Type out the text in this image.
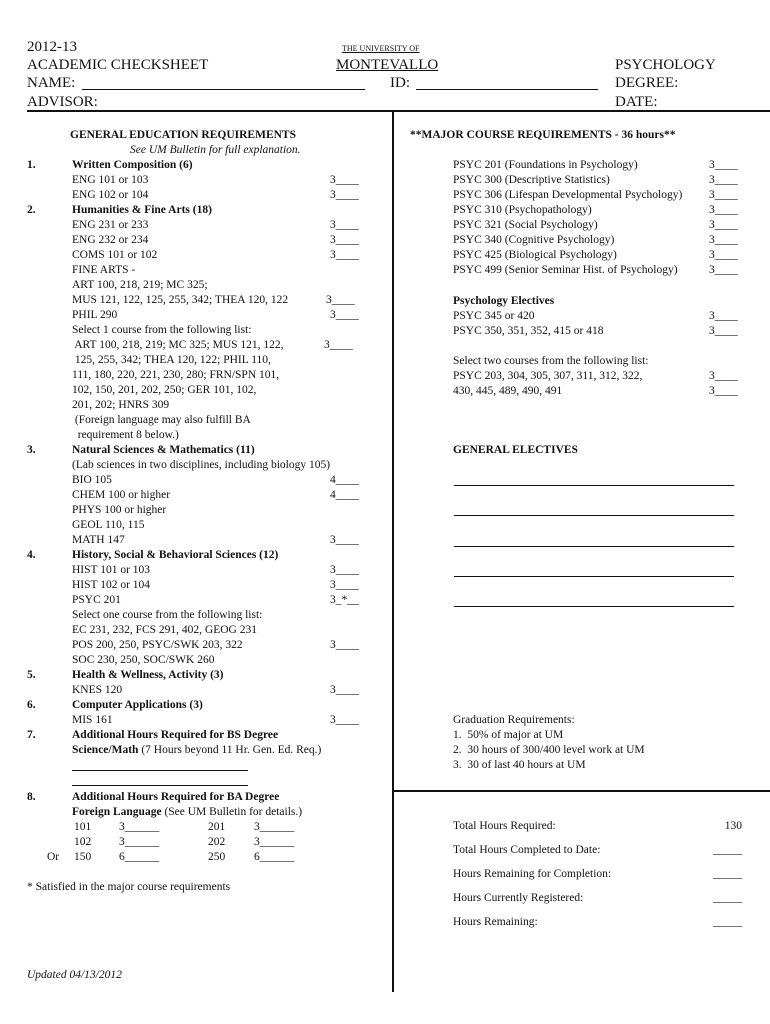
2012-13
ACADEMIC CHECKSHEET
THE UNIVERSITY OF
MONTEVALLO	PSYCHOLOGY
NAME:	ID:	DEGREE:
ADVISOR:	DATE:
GENERAL EDUCATION REQUIREMENTS
See UM Bulletin for full explanation.
1.	Written Composition (6)
ENG 101 or 103	3____
ENG 102 or 104	3____
2.	Humanities & Fine Arts (18)
ENG 231 or 233	3____
ENG 232 or 234	3____
COMS 101 or 102	3____
FINE ARTS -
ART 100, 218, 219; MC 325;
MUS 121, 122, 125, 255, 342; THEA 120, 122	3____
PHIL 290	3____
Select 1 course from the following list:
ART 100, 218, 219; MC 325; MUS 121, 122,	3____
125, 255, 342; THEA 120, 122; PHIL 110,
111, 180, 220, 221, 230, 280; FRN/SPN 101,
102, 150, 201, 202, 250; GER 101, 102,
201, 202; HNRS 309
(Foreign language may also fulfill BA
requirement 8 below.)
3.	Natural Sciences & Mathematics (11)
(Lab sciences in two disciplines, including biology 105)
BIO 105	4____
CHEM 100 or higher	4____
PHYS 100 or higher
GEOL 110, 115
MATH 147	3____
4.	History, Social & Behavioral Sciences (12)
HIST 101 or 103	3____
HIST 102 or 104	3____
PSYC 201	3_*__
Select one course from the following list:
EC 231, 232, FCS 291, 402, GEOG 231
POS 200, 250, PSYC/SWK 203, 322	3____
SOC 230, 250, SOC/SWK 260
5.	Health & Wellness, Activity (3)
KNES 120	3____
6.	Computer Applications (3)
MIS 161	3____
7.	Additional Hours Required for BS Degree
Science/Math (7 Hours beyond 11 Hr. Gen. Ed. Req.)
8.	Additional Hours Required for BA Degree
Foreign Language (See UM Bulletin for details.)
101 3______	201	3______
102 3______	202	3______
Or 150 6______	250	6______
* Satisfied in the major course requirements
Updated 04/13/2012
**MAJOR COURSE REQUIREMENTS - 36 hours**
PSYC 201 (Foundations in Psychology)	3____
PSYC 300 (Descriptive Statistics)	3____
PSYC 306 (Lifespan Developmental Psychology) 3____
PSYC 310 (Psychopathology)	3____
PSYC 321 (Social Psychology)	3____
PSYC 340 (Cognitive Psychology)	3____
PSYC 425 (Biological Psychology)	3____
PSYC 499 (Senior Seminar Hist. of Psychology)	3____
Psychology Electives
PSYC 345 or 420	3____
PSYC 350, 351, 352, 415 or 418	3____
Select two courses from the following list:
PSYC 203, 304, 305, 307, 311, 312, 322,	3____
430, 445, 489, 490, 491	3____
GENERAL ELECTIVES
Graduation Requirements:
1.  50% of major at UM
2.  30 hours of 300/400 level work at UM
3.  30 of last 40 hours at UM
Total Hours Required:	130
Total Hours Completed to Date:	_____
Hours Remaining for Completion:	_____
Hours Currently Registered:	_____
Hours Remaining:	_____
